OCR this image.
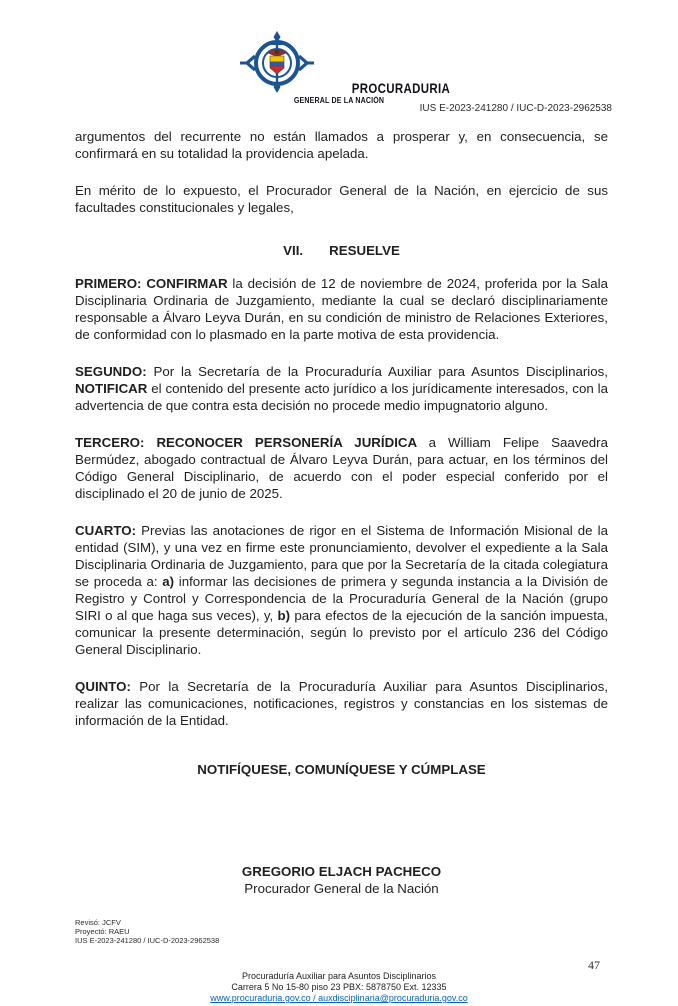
PROCURADURIA
GENERAL DE LA NACIÓN
IUS E-2023-241280 / IUC-D-2023-2962538

argumentos del recurrente no están llamados a prosperar y, en consecuencia, se confirmará en su totalidad la providencia apelada.

En mérito de lo expuesto, el Procurador General de la Nación, en ejercicio de sus facultades constitucionales y legales,

VII. RESUELVE

PRIMERO: CONFIRMAR la decisión de 12 de noviembre de 2024, proferida por la Sala Disciplinaria Ordinaria de Juzgamiento, mediante la cual se declaró disciplinariamente responsable a Álvaro Leyva Durán, en su condición de ministro de Relaciones Exteriores, de conformidad con lo plasmado en la parte motiva de esta providencia.

SEGUNDO: Por la Secretaría de la Procuraduría Auxiliar para Asuntos Disciplinarios, NOTIFICAR el contenido del presente acto jurídico a los jurídicamente interesados, con la advertencia de que contra esta decisión no procede medio impugnatorio alguno.

TERCERO: RECONOCER PERSONERÍA JURÍDICA a William Felipe Saavedra Bermúdez, abogado contractual de Álvaro Leyva Durán, para actuar, en los términos del Código General Disciplinario, de acuerdo con el poder especial conferido por el disciplinado el 20 de junio de 2025.

CUARTO: Previas las anotaciones de rigor en el Sistema de Información Misional de la entidad (SIM), y una vez en firme este pronunciamiento, devolver el expediente a la Sala Disciplinaria Ordinaria de Juzgamiento, para que por la Secretaría de la citada colegiatura se proceda a: a) informar las decisiones de primera y segunda instancia a la División de Registro y Control y Correspondencia de la Procuraduría General de la Nación (grupo SIRI o al que haga sus veces), y, b) para efectos de la ejecución de la sanción impuesta, comunicar la presente determinación, según lo previsto por el artículo 236 del Código General Disciplinario.

QUINTO: Por la Secretaría de la Procuraduría Auxiliar para Asuntos Disciplinarios, realizar las comunicaciones, notificaciones, registros y constancias en los sistemas de información de la Entidad.

NOTIFÍQUESE, COMUNÍQUESE Y CÚMPLASE
GREGORIO ELJACH PACHECO
Procurador General de la Nación
Revisó: JCFV
Proyectó: RAEU
IUS E-2023-241280 / IUC-D-2023-2962538
47
Procuraduría Auxiliar para Asuntos Disciplinarios
Carrera 5 No 15-80 piso 23 PBX: 5878750 Ext. 12335
www.procuraduria.gov.co / auxdisciplinaria@procuraduria.gov.co
